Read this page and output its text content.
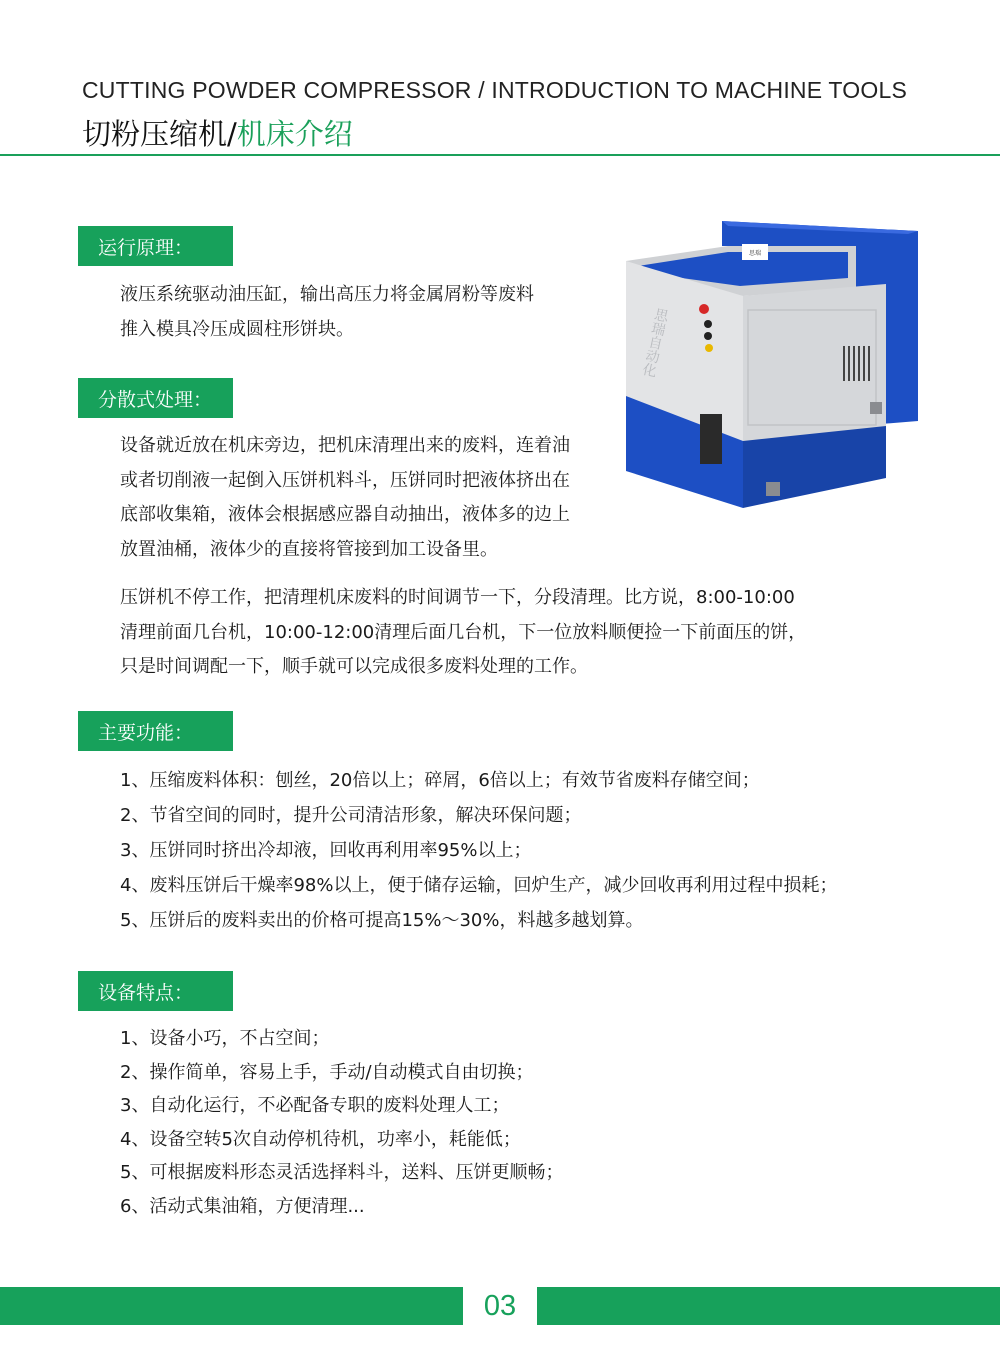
CUTTING POWDER COMPRESSOR / INTRODUCTION TO MACHINE TOOLS
切粉压缩机/机床介绍
运行原理：
液压系统驱动油压缸，输出高压力将金属屑粉等废料
推入模具冷压成圆柱形饼块。
思瑞
思瑞自动化
分散式处理：
设备就近放在机床旁边，把机床清理出来的废料，连着油
或者切削液一起倒入压饼机料斗，压饼同时把液体挤出在
底部收集箱，液体会根据感应器自动抽出，液体多的边上
放置油桶，液体少的直接将管接到加工设备里。
压饼机不停工作，把清理机床废料的时间调节一下，分段清理。比方说，8:00-10:00
清理前面几台机，10:00-12:00清理后面几台机，下一位放料顺便捡一下前面压的饼，
只是时间调配一下，顺手就可以完成很多废料处理的工作。
主要功能：
1、压缩废料体积：刨丝，20倍以上；碎屑，6倍以上；有效节省废料存储空间；
2、节省空间的同时，提升公司清洁形象，解决环保问题；
3、压饼同时挤出冷却液，回收再利用率95%以上；
4、废料压饼后干燥率98%以上，便于储存运输，回炉生产，减少回收再利用过程中损耗；
5、压饼后的废料卖出的价格可提高15%～30%，料越多越划算。
设备特点：
1、设备小巧，不占空间；
2、操作简单，容易上手，手动/自动模式自由切换；
3、自动化运行，不必配备专职的废料处理人工；
4、设备空转5次自动停机待机，功率小，耗能低；
5、可根据废料形态灵活选择料斗，送料、压饼更顺畅；
6、活动式集油箱，方便清理...
03
